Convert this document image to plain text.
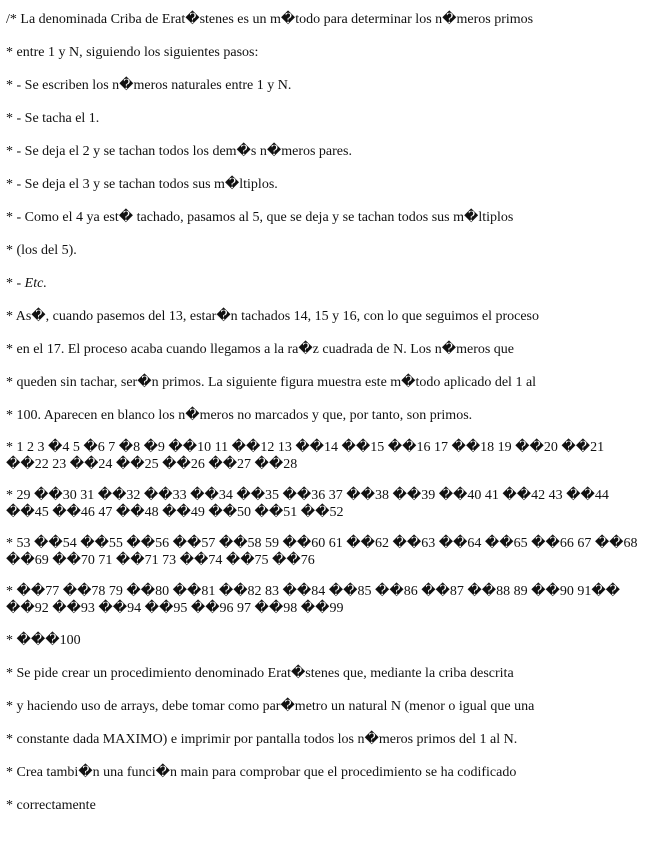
/* La denominada Criba de Erat�stenes es un m�todo para determinar los n�meros primos

* entre 1 y N, siguiendo los siguientes pasos:

* - Se escriben los n�meros naturales entre 1 y N.

* - Se tacha el 1.

* - Se deja el 2 y se tachan todos los dem�s n�meros pares.

* - Se deja el 3 y se tachan todos sus m�ltiplos.

* - Como el 4 ya est� tachado, pasamos al 5, que se deja y se tachan todos sus m�ltiplos

* (los del 5).

* - Etc.

* As�, cuando pasemos del 13, estar�n tachados 14, 15 y 16, con lo que seguimos el proceso

* en el 17. El proceso acaba cuando llegamos a la ra�z cuadrada de N. Los n�meros que

* queden sin tachar, ser�n primos. La siguiente figura muestra este m�todo aplicado del 1 al

* 100. Aparecen en blanco los n�meros no marcados y que, por tanto, son primos.

* 1 2 3 �4 5 �6 7 �8 �9 ��10 11 ��12 13 ��14 ��15 ��16 17 ��18 19 ��20 ��21 ��22 23 ��24 ��25 ��26 ��27 ��28

* 29 ��30 31 ��32 ��33 ��34 ��35 ��36 37 ��38 ��39 ��40 41 ��42 43 ��44 ��45 ��46 47 ��48 ��49 ��50 ��51 ��52

* 53 ��54 ��55 ��56 ��57 ��58 59 ��60 61 ��62 ��63 ��64 ��65 ��66 67 ��68 ��69 ��70 71 ��71 73 ��74 ��75 ��76

* ��77 ��78 79 ��80 ��81 ��82 83 ��84 ��85 ��86 ��87 ��88 89 ��90 91�� ��92 ��93 ��94 ��95 ��96 97 ��98 ��99

* ���100

* Se pide crear un procedimiento denominado Erat�stenes que, mediante la criba descrita

* y haciendo uso de arrays, debe tomar como par�metro un natural N (menor o igual que una

* constante dada MAXIMO) e imprimir por pantalla todos los n�meros primos del 1 al N.

* Crea tambi�n una funci�n main para comprobar que el procedimiento se ha codificado

* correctamente
